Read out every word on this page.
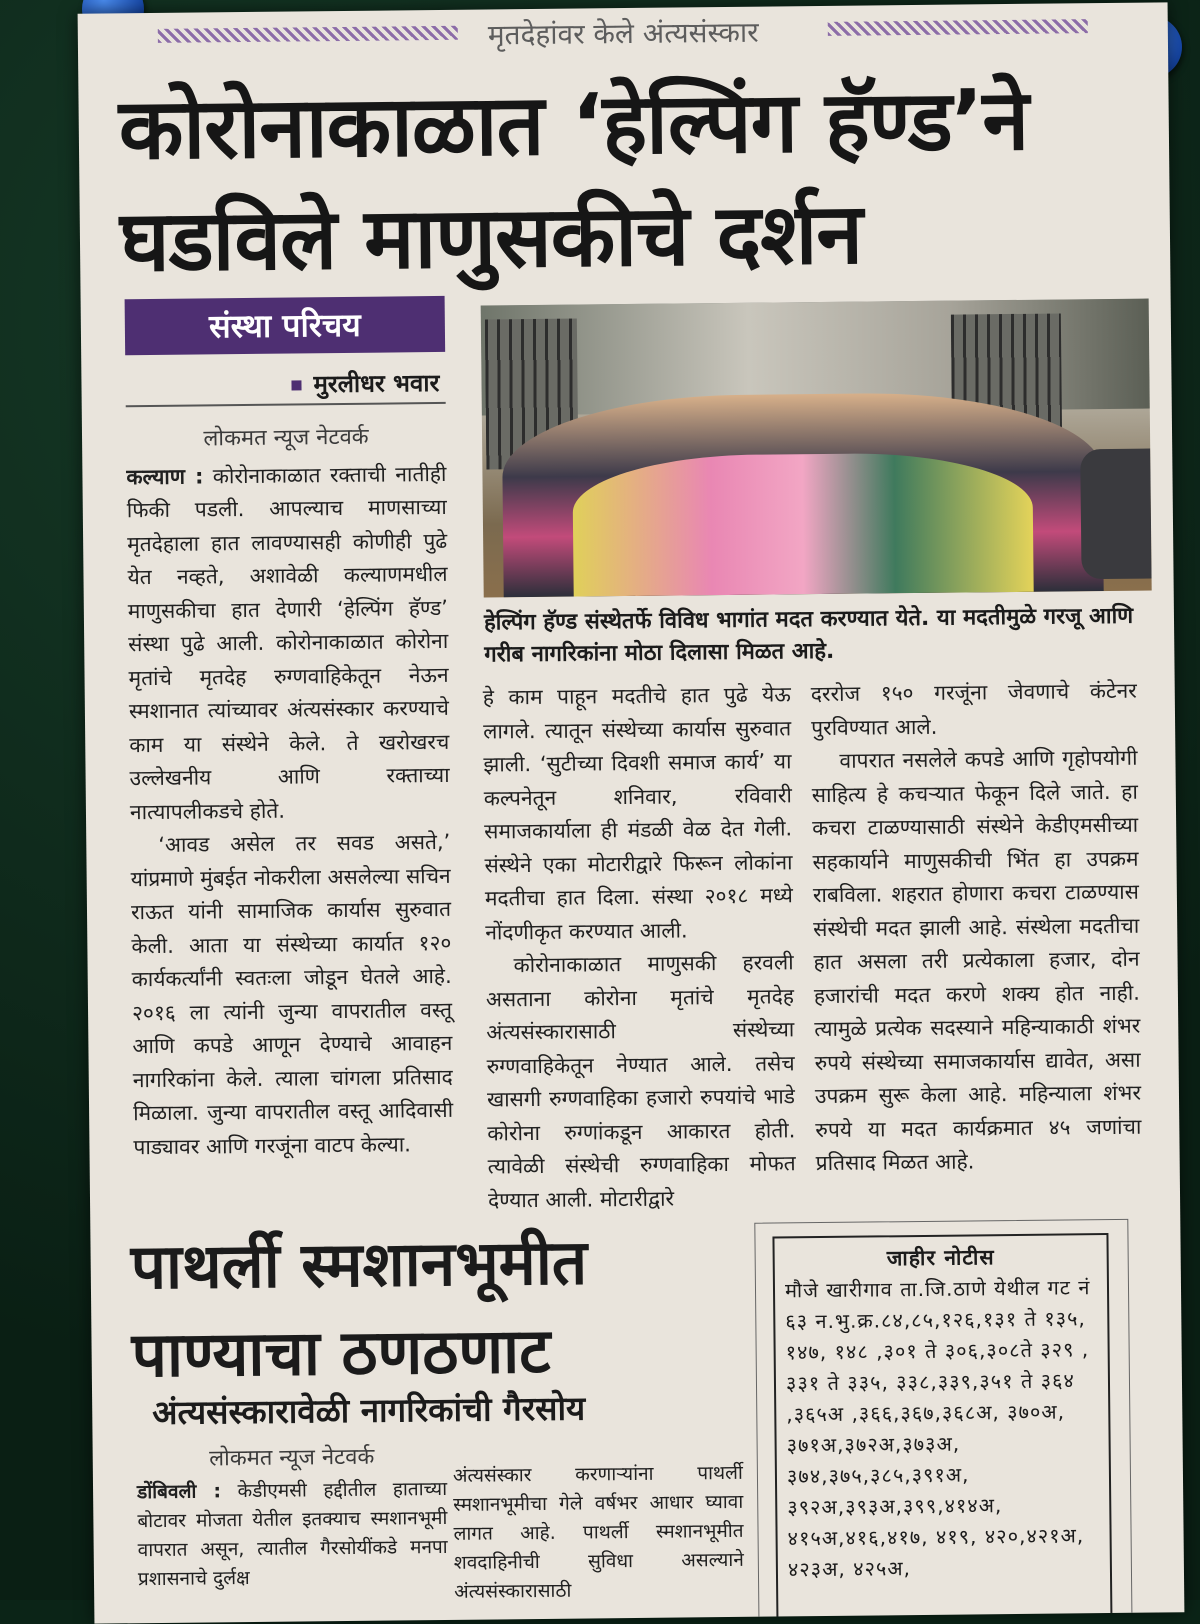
मृतदेहांवर केले अंत्यसंस्कार
कोरोनाकाळात ‘हेल्पिंग हॅण्ड’ने घडविले माणुसकीचे दर्शन
संस्था परिचय
मुरलीधर भवार

लोकमत न्यूज नेटवर्क

कल्याण : कोरोनाकाळात रक्ताची नातीही फिकी पडली. आपल्याच माणसाच्या मृतदेहाला हात लावण्यासही कोणीही पुढे येत नव्हते, अशावेळी कल्याणमधील माणुसकीचा हात देणारी ‘हेल्पिंग हॅण्ड’ संस्था पुढे आली. कोरोनाकाळात कोरोना मृतांचे मृतदेह रुग्णवाहिकेतून नेऊन स्मशानात त्यांच्यावर अंत्यसंस्कार करण्याचे काम या संस्थेने केले. ते खरोखरच उल्लेखनीय आणि रक्ताच्या नात्यापलीकडचे होते.

‘आवड असेल तर सवड असते,’ यांप्रमाणे मुंबईत नोकरीला असलेल्या सचिन राऊत यांनी सामाजिक कार्यास सुरुवात केली. आता या संस्थेच्या कार्यात १२० कार्यकर्त्यांनी स्वतःला जोडून घेतले आहे. २०१६ ला त्यांनी जुन्या वापरातील वस्तू आणि कपडे आणून देण्याचे आवाहन नागरिकांना केले. त्याला चांगला प्रतिसाद मिळाला. जुन्या वापरातील वस्तू आदिवासी पाड्यावर आणि गरजूंना वाटप केल्या.

हेल्पिंग हॅण्ड संस्थेतर्फे विविध भागांत मदत करण्यात येते. या मदतीमुळे गरजू आणि गरीब नागरिकांना मोठा दिलासा मिळत आहे.

हे काम पाहून मदतीचे हात पुढे येऊ लागले. त्यातून संस्थेच्या कार्यास सुरुवात झाली. ‘सुटीच्या दिवशी समाज कार्य’ या कल्पनेतून शनिवार, रविवारी समाजकार्याला ही मंडळी वेळ देत गेली. संस्थेने एका मोटारीद्वारे फिरून लोकांना मदतीचा हात दिला. संस्था २०१८ मध्ये नोंदणीकृत करण्यात आली.

कोरोनाकाळात माणुसकी हरवली असताना कोरोना मृतांचे मृतदेह अंत्यसंस्कारासाठी संस्थेच्या रुग्णवाहिकेतून नेण्यात आले. तसेच खासगी रुग्णवाहिका हजारो रुपयांचे भाडे कोरोना रुग्णांकडून आकारत होती. त्यावेळी संस्थेची रुग्णवाहिका मोफत देण्यात आली. मोटारीद्वारे

दररोज १५० गरजूंना जेवणाचे कंटेनर पुरविण्यात आले.

वापरात नसलेले कपडे आणि गृहोपयोगी साहित्य हे कचऱ्यात फेकून दिले जाते. हा कचरा टाळण्यासाठी संस्थेने केडीएमसीच्या सहकार्याने माणुसकीची भिंत हा उपक्रम राबविला. शहरात होणारा कचरा टाळण्यास संस्थेची मदत झाली आहे. संस्थेला मदतीचा हात असला तरी प्रत्येकाला हजार, दोन हजारांची मदत करणे शक्य होत नाही. त्यामुळे प्रत्येक सदस्याने महिन्याकाठी शंभर रुपये संस्थेच्या समाजकार्यास द्यावेत, असा उपक्रम सुरू केला आहे. महिन्याला शंभर रुपये या मदत कार्यक्रमात ४५ जणांचा प्रतिसाद मिळत आहे.

पाथर्ली स्मशानभूमीत पाण्याचा ठणठणाट
अंत्यसंस्कारावेळी नागरिकांची गैरसोय

लोकमत न्यूज नेटवर्क

डोंबिवली : केडीएमसी हद्दीतील हाताच्या बोटावर मोजता येतील इतक्याच स्मशानभूमी वापरात असून, त्यातील गैरसोयींकडे मनपा प्रशासनाचे दुर्लक्ष

अंत्यसंस्कार करणाऱ्यांना पाथर्ली स्मशानभूमीचा गेले वर्षभर आधार घ्यावा लागत आहे. पाथर्ली स्मशानभूमीत शवदाहिनीची सुविधा असल्याने अंत्यसंस्कारासाठी

जाहीर नोटीस

मौजे खारीगाव ता.जि.ठाणे येथील गट नं ६३ न.भु.क्र.८४,८५,१२६,१३१ ते १३५, १४७, १४८ ,३०१ ते ३०६,३०८ते ३२९ , ३३१ ते ३३५, ३३८,३३९,३५१ ते ३६४ ,३६५अ ,३६६,३६७,३६८अ, ३७०अ, ३७१अ,३७२अ,३७३अ, ३७४,३७५,३८५,३९१अ, ३९२अ,३९३अ,३९९,४१४अ, ४१५अ,४१६,४१७, ४१९, ४२०,४२१अ, ४२३अ, ४२५अ,
